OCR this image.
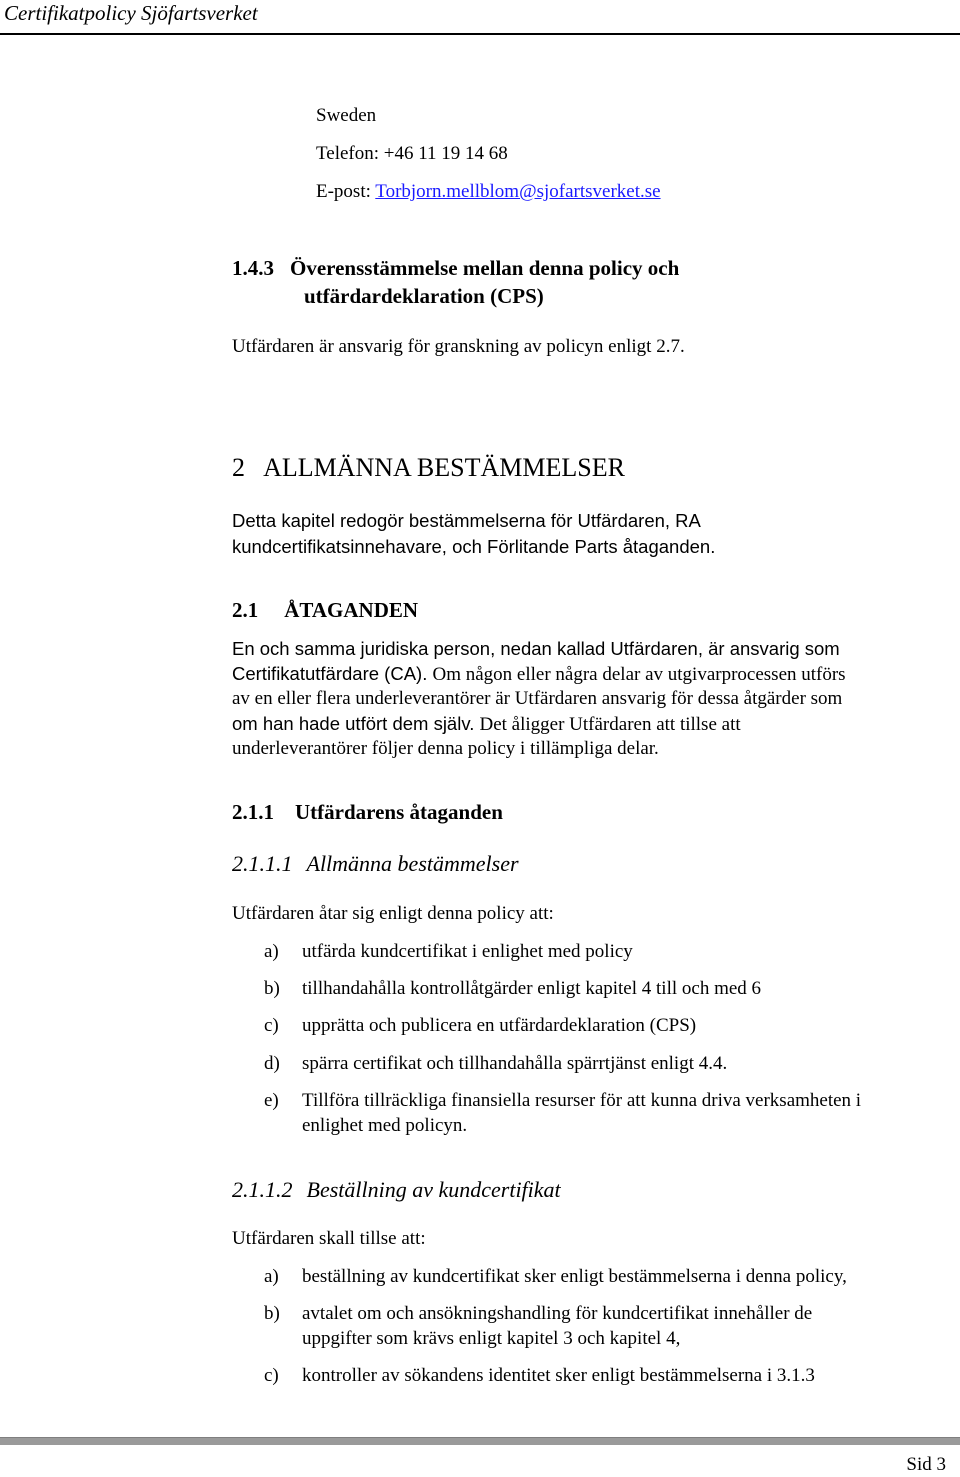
Certifikatpolicy Sjöfartsverket
Sweden
Telefon: +46 11 19 14 68
E-post: Torbjorn.mellblom@sjofartsverket.se
1.4.3 Överensstämmelse mellan denna policy och
utfärdardeklaration (CPS)
Utfärdaren är ansvarig för granskning av policyn enligt 2.7.
2   ALLMÄNNA BESTÄMMELSER
Detta kapitel redogör bestämmelserna för Utfärdaren, RA
kundcertifikatsinnehavare, och Förlitande Parts åtaganden.
2.1 ÅTAGANDEN
En och samma juridiska person, nedan kallad Utfärdaren, är ansvarig som
Certifikatutfärdare (CA). Om någon eller några delar av utgivarprocessen utförs
av en eller flera underleverantörer är Utfärdaren ansvarig för dessa åtgärder som
om han hade utfört dem själv. Det åligger Utfärdaren att tillse att
underleverantörer följer denna policy i tillämpliga delar.
2.1.1 Utfärdarens åtaganden
2.1.1.1 Allmänna bestämmelser
Utfärdaren åtar sig enligt denna policy att:
a) utfärda kundcertifikat i enlighet med policy
b) tillhandahålla kontrollåtgärder enligt kapitel 4 till och med 6
c) upprätta och publicera en utfärdardeklaration (CPS)
d) spärra certifikat och tillhandahålla spärrtjänst enligt 4.4.
e) Tillföra tillräckliga finansiella resurser för att kunna driva verksamheten i
enlighet med policyn.
2.1.1.2 Beställning av kundcertifikat
Utfärdaren skall tillse att:
a) beställning av kundcertifikat sker enligt bestämmelserna i denna policy,
b) avtalet om och ansökningshandling för kundcertifikat innehåller de
uppgifter som krävs enligt kapitel 3 och kapitel 4,
c) kontroller av sökandens identitet sker enligt bestämmelserna i 3.1.3
Sid 3
